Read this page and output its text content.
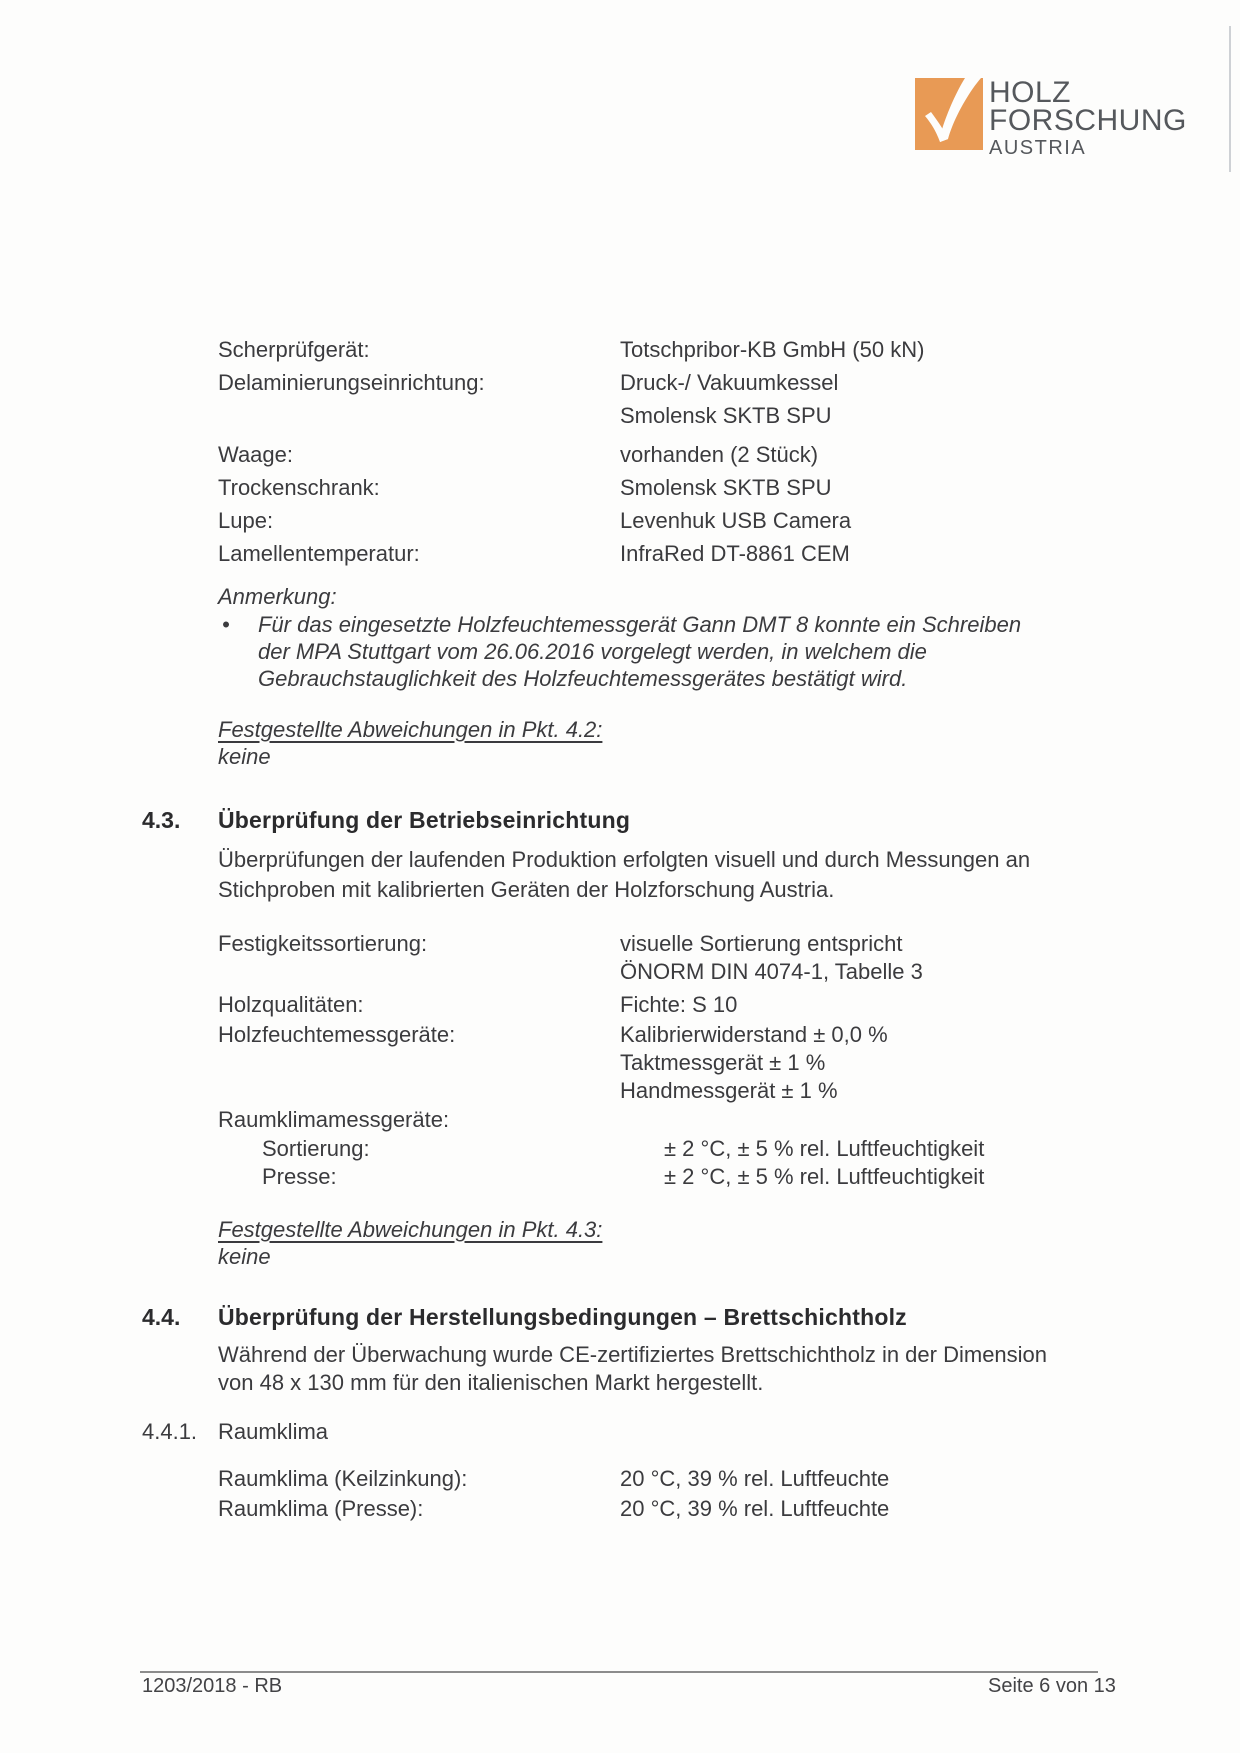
HOLZ
FORSCHUNG
AUSTRIA
Scherprüfgerät:	Totschpribor-KB GmbH (50 kN)
Delaminierungseinrichtung:	Druck-/ Vakuumkessel
Smolensk SKTB SPU
Waage:	vorhanden (2 Stück)
Trockenschrank:	Smolensk SKTB SPU
Lupe:	Levenhuk USB Camera
Lamellentemperatur:	InfraRed DT-8861 CEM
Anmerkung:
• Für das eingesetzte Holzfeuchtemessgerät Gann DMT 8 konnte ein Schreiben
der MPA Stuttgart vom 26.06.2016 vorgelegt werden, in welchem die
Gebrauchstauglichkeit des Holzfeuchtemessgerätes bestätigt wird.
Festgestellte Abweichungen in Pkt. 4.2:
keine
4.3. Überprüfung der Betriebseinrichtung
Überprüfungen der laufenden Produktion erfolgten visuell und durch Messungen an
Stichproben mit kalibrierten Geräten der Holzforschung Austria.
Festigkeitssortierung:	visuelle Sortierung entspricht
ÖNORM DIN 4074-1, Tabelle 3
Holzqualitäten:	Fichte: S 10
Holzfeuchtemessgeräte:	Kalibrierwiderstand ± 0,0 %
Taktmessgerät ± 1 %
Handmessgerät ± 1 %
Raumklimamessgeräte:
Sortierung:	± 2 °C, ± 5 % rel. Luftfeuchtigkeit
Presse:	± 2 °C, ± 5 % rel. Luftfeuchtigkeit
Festgestellte Abweichungen in Pkt. 4.3:
keine
4.4. Überprüfung der Herstellungsbedingungen – Brettschichtholz
Während der Überwachung wurde CE-zertifiziertes Brettschichtholz in der Dimension
von 48 x 130 mm für den italienischen Markt hergestellt.
4.4.1. Raumklima
Raumklima (Keilzinkung):	20 °C, 39 % rel. Luftfeuchte
Raumklima (Presse):	20 °C, 39 % rel. Luftfeuchte
1203/2018 - RB	Seite 6 von 13
